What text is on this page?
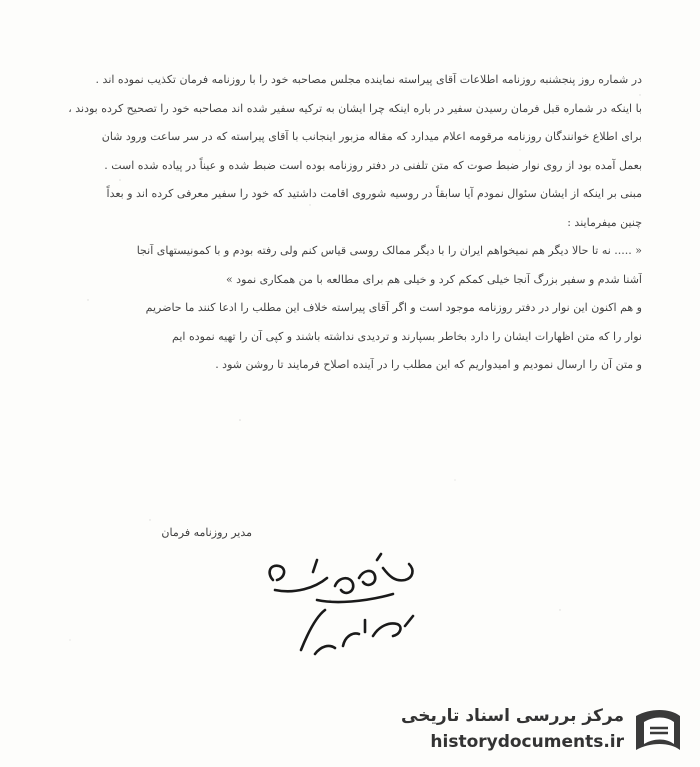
در شماره روز پنجشنبه روزنامه اطلاعات آقای پیراسته نماینده مجلس مصاحبه خود را با روزنامه فرمان تکذیب نموده اند .
با اینکه در شماره قبل فرمان رسیدن سفیر در باره اینکه چرا ایشان به ترکیه سفیر شده اند مصاحبه خود را تصحیح کرده بودند ،
برای اطلاع خوانندگان روزنامه مرقومه اعلام میدارد که مقاله مزبور اینجانب با آقای پیراسته که در سر ساعت ورود شان
بعمل آمده بود از روی نوار ضبط صوت که متن تلفنی در دفتر روزنامه بوده است ضبط شده و عیناً در پیاده شده است .
مبنی بر اینکه از ایشان سئوال نمودم آیا سابقاً در روسیه شوروی اقامت داشتید که خود را سفیر معرفی کرده اند و بعداً
چنین میفرمایند :
« ..... نه تا حالا دیگر هم نمیخواهم ایران را با دیگر ممالک روسی قیاس کنم ولی رفته بودم و با کمونیستهای آنجا
آشنا شدم و سفیر بزرگ آنجا خیلی کمکم کرد و خیلی هم برای مطالعه با من همکاری نمود »
و هم اکنون این نوار در دفتر روزنامه موجود است و اگر آقای پیراسته خلاف این مطلب را ادعا کنند ما حاضریم
نوار را که متن اظهارات ایشان را دارد بخاطر بسپارند و تردیدی نداشته باشند و کپی آن را تهیه نموده ایم
و متن آن را ارسال نمودیم و امیدواریم که این مطلب را در آینده اصلاح فرمایند تا روشن شود .
مدیر روزنامه فرمان
مرکز بررسی اسناد تاریخی
historydocuments.ir
